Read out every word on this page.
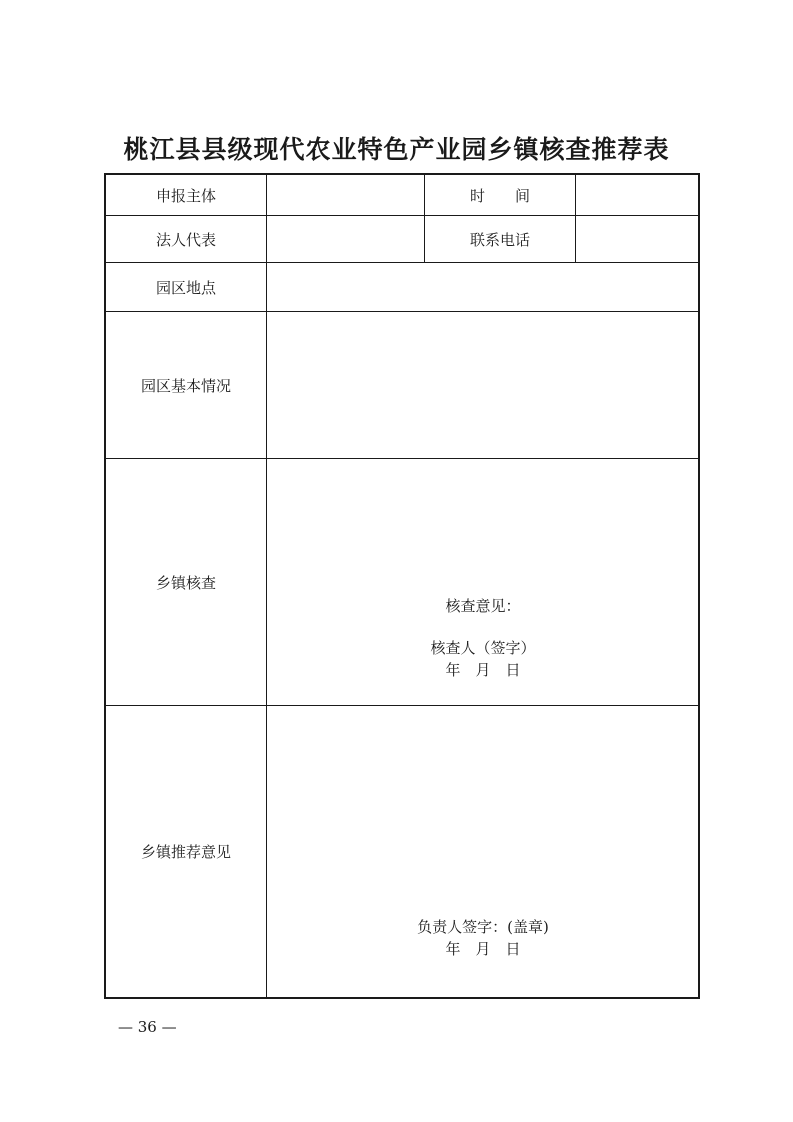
桃江县县级现代农业特色产业园乡镇核查推荐表
申报主体	时　　间
法人代表	联系电话
园区地点
园区基本情况
乡镇核查
核查意见：
核查人（签字）
年　月　日
乡镇推荐意见
负责人签字：(盖章)
年　月　日
— 36 —
